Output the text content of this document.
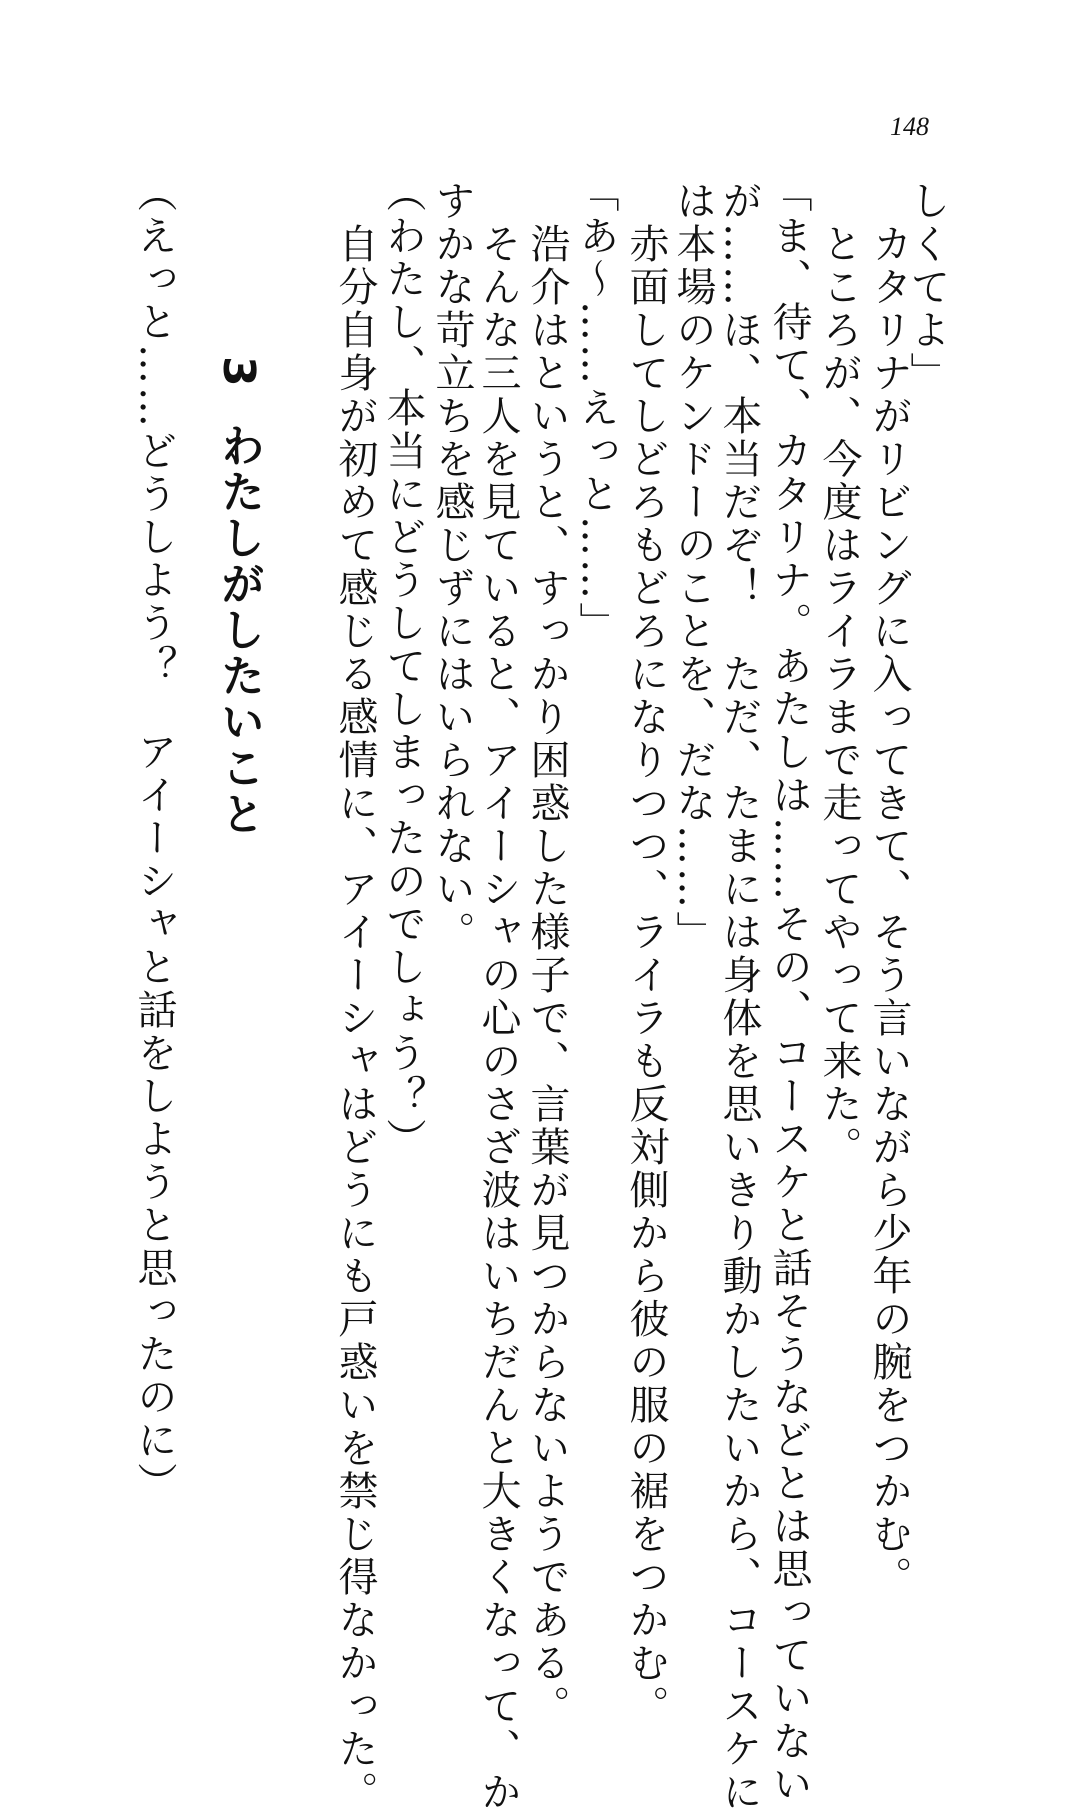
148
しくてよ」
　カタリナがリビングに入ってきて、そう言いながら少年の腕をつかむ。
　ところが、今度はライラまで走ってやって来た。
「ま、待て、カタリナ。あたしは……その、コースケと話そうなどとは思っていない
が……ほ、本当だぞ！　ただ、たまには身体を思いきり動かしたいから、コースケに
は本場のケンドーのことを、だな……」
　赤面してしどろもどろになりつつ、ライラも反対側から彼の服の裾をつかむ。
「あ〜……えっと……」
　浩介はというと、すっかり困惑した様子で、言葉が見つからないようである。
　そんな三人を見ていると、アイーシャの心のさざ波はいちだんと大きくなって、か
すかな苛立ちを感じずにはいられない。
（わたし、本当にどうしてしまったのでしょう？）
　自分自身が初めて感じる感情に、アイーシャはどうにも戸惑いを禁じ得なかった。
3わたしがしたいこと
（えっと……どうしよう？　アイーシャと話をしようと思ったのに）
